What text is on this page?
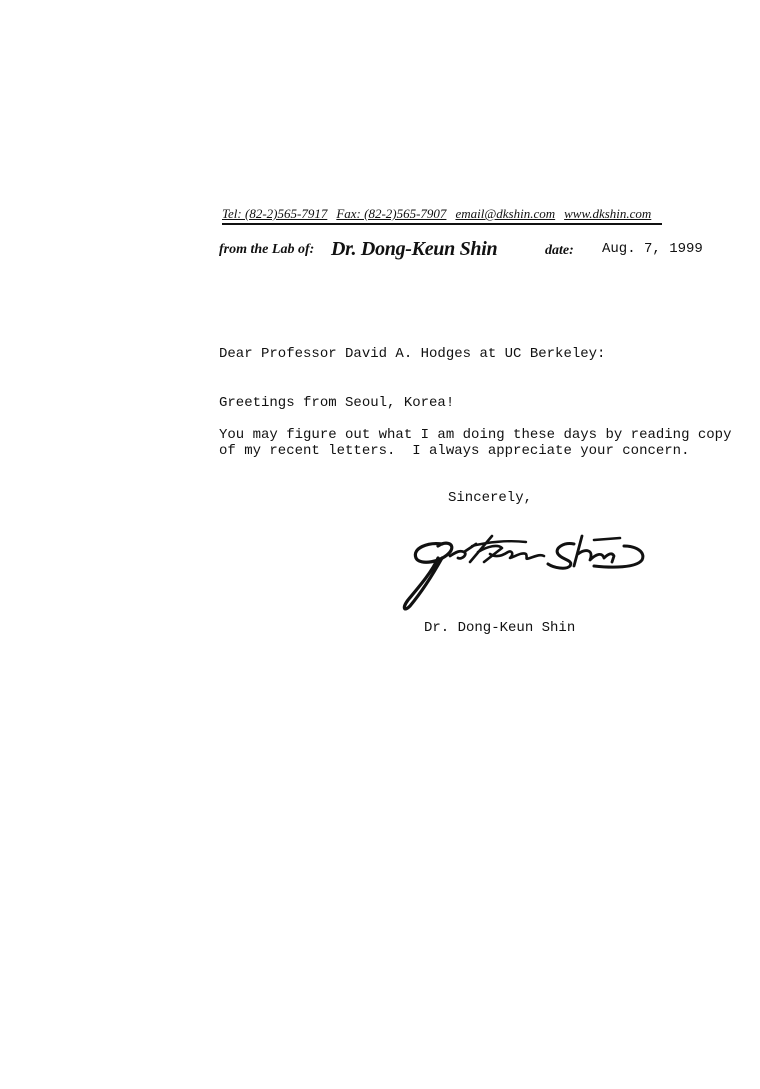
Tel: (82-2)565-7917 Fax: (82-2)565-7907 email@dkshin.com www.dkshin.com
from the Lab of: Dr. Dong-Keun Shin	date: Aug. 7, 1999
Dear Professor David A. Hodges at UC Berkeley:
Greetings from Seoul, Korea!
You may figure out what I am doing these days by reading copy
of my recent letters.  I always appreciate your concern.
Sincerely,
Dr. Dong-Keun Shin
